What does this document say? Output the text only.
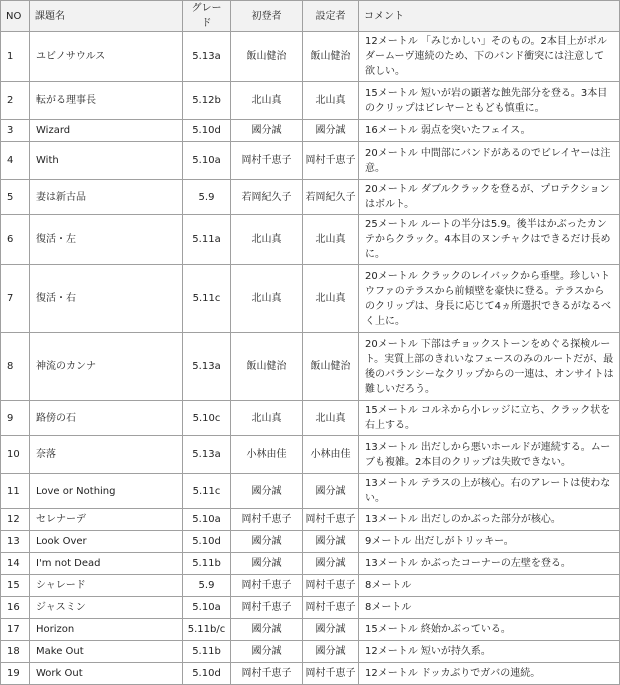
NO	課題名	グレード	初登者	設定者	コメント
1	ユビノサウルス	5.13a	飯山健治	飯山健治	12メートル 「みじかしい」そのもの。2本目上がポルダームーヴ連続のため、下のバンド衝突には注意して欲しい。
2	転がる理事長	5.12b	北山真	北山真	15メートル 短いが岩の顕著な蝕先部分を登る。3本目のクリップはビレヤーともども慎重に。
3	Wizard	5.10d	國分誠	國分誠	16メートル 弱点を突いたフェイス。
4	With	5.10a	岡村千恵子	岡村千恵子	20メートル 中間部にバンドがあるのでビレイヤーは注意。
5	妻は新古品	5.9	若岡紀久子	若岡紀久子	20メートル ダブルクラックを登るが、プロテクションはボルト。
6	復活・左	5.11a	北山真	北山真	25メートル ルートの半分は5.9。後半はかぶったカンテからクラック。4本目のヌンチャクはできるだけ長めに。
7	復活・右	5.11c	北山真	北山真	20メートル クラックのレイバックから垂壁。珍しいトウファのテラスから前傾壁を豪快に登る。テラスからのクリップは、身長に応じて4ヵ所選択できるがなるべく上に。
8	神流のカンナ	5.13a	飯山健治	飯山健治	20メートル 下部はチョックストーンをめぐる探検ルート。実質上部のきれいなフェースのみのルートだが、最後のバランシーなクリップからの一連は、オンサイトは難しいだろう。
9	路傍の石	5.10c	北山真	北山真	15メートル コルネから小レッジに立ち、クラック状を右上する。
10	奈落	5.13a	小林由佳	小林由佳	13メートル 出だしから悪いホールドが連続する。ムーブも複雑。2本目のクリップは失敗できない。
11	Love or Nothing	5.11c	國分誠	國分誠	13メートル テラスの上が核心。右のアレートは使わない。
12	セレナーデ	5.10a	岡村千恵子	岡村千恵子	13メートル 出だしのかぶった部分が核心。
13	Look Over	5.10d	國分誠	國分誠	9メートル 出だしがトリッキー。
14	I'm not Dead	5.11b	國分誠	國分誠	13メートル かぶったコーナーの左壁を登る。
15	シャレード	5.9	岡村千恵子	岡村千恵子	8メートル
16	ジャスミン	5.10a	岡村千恵子	岡村千恵子	8メートル
17	Horizon	5.11b/c	國分誠	國分誠	15メートル 終始かぶっている。
18	Make Out	5.11b	國分誠	國分誠	12メートル 短いが持久系。
19	Work Out	5.10d	岡村千恵子	岡村千恵子	12メートル ドッカぶりでガバの連続。
